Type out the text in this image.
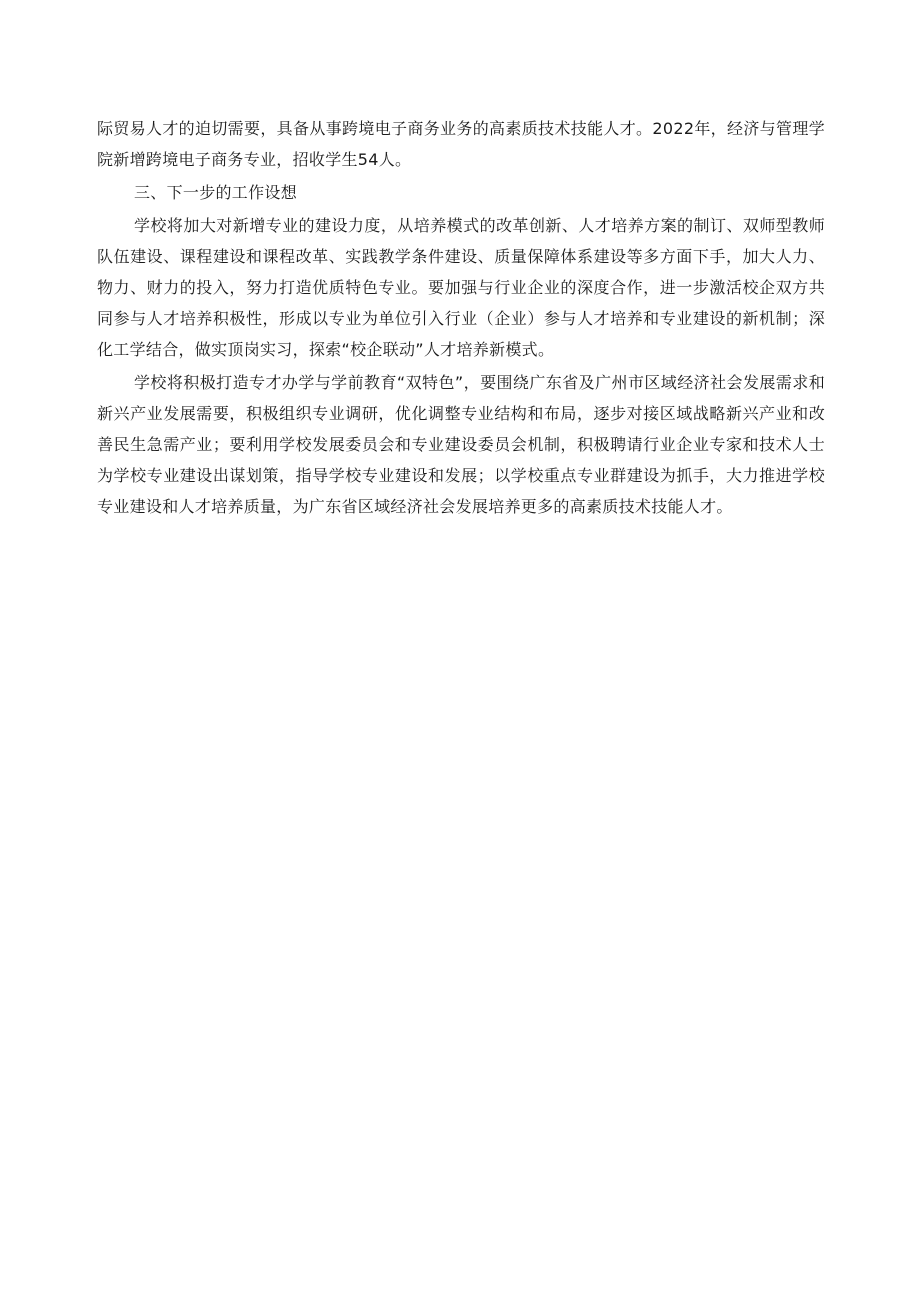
际贸易人才的迫切需要，具备从事跨境电子商务业务的高素质技术技能人才。2022年，经济与管理学院新增跨境电子商务专业，招收学生54人。

三、下一步的工作设想

学校将加大对新增专业的建设力度，从培养模式的改革创新、人才培养方案的制订、双师型教师队伍建设、课程建设和课程改革、实践教学条件建设、质量保障体系建设等多方面下手，加大人力、物力、财力的投入，努力打造优质特色专业。要加强与行业企业的深度合作，进一步激活校企双方共同参与人才培养积极性，形成以专业为单位引入行业（企业）参与人才培养和专业建设的新机制；深化工学结合，做实顶岗实习，探索“校企联动”人才培养新模式。

学校将积极打造专才办学与学前教育“双特色”，要围绕广东省及广州市区域经济社会发展需求和新兴产业发展需要，积极组织专业调研，优化调整专业结构和布局，逐步对接区域战略新兴产业和改善民生急需产业；要利用学校发展委员会和专业建设委员会机制，积极聘请行业企业专家和技术人士为学校专业建设出谋划策，指导学校专业建设和发展；以学校重点专业群建设为抓手，大力推进学校专业建设和人才培养质量，为广东省区域经济社会发展培养更多的高素质技术技能人才。
